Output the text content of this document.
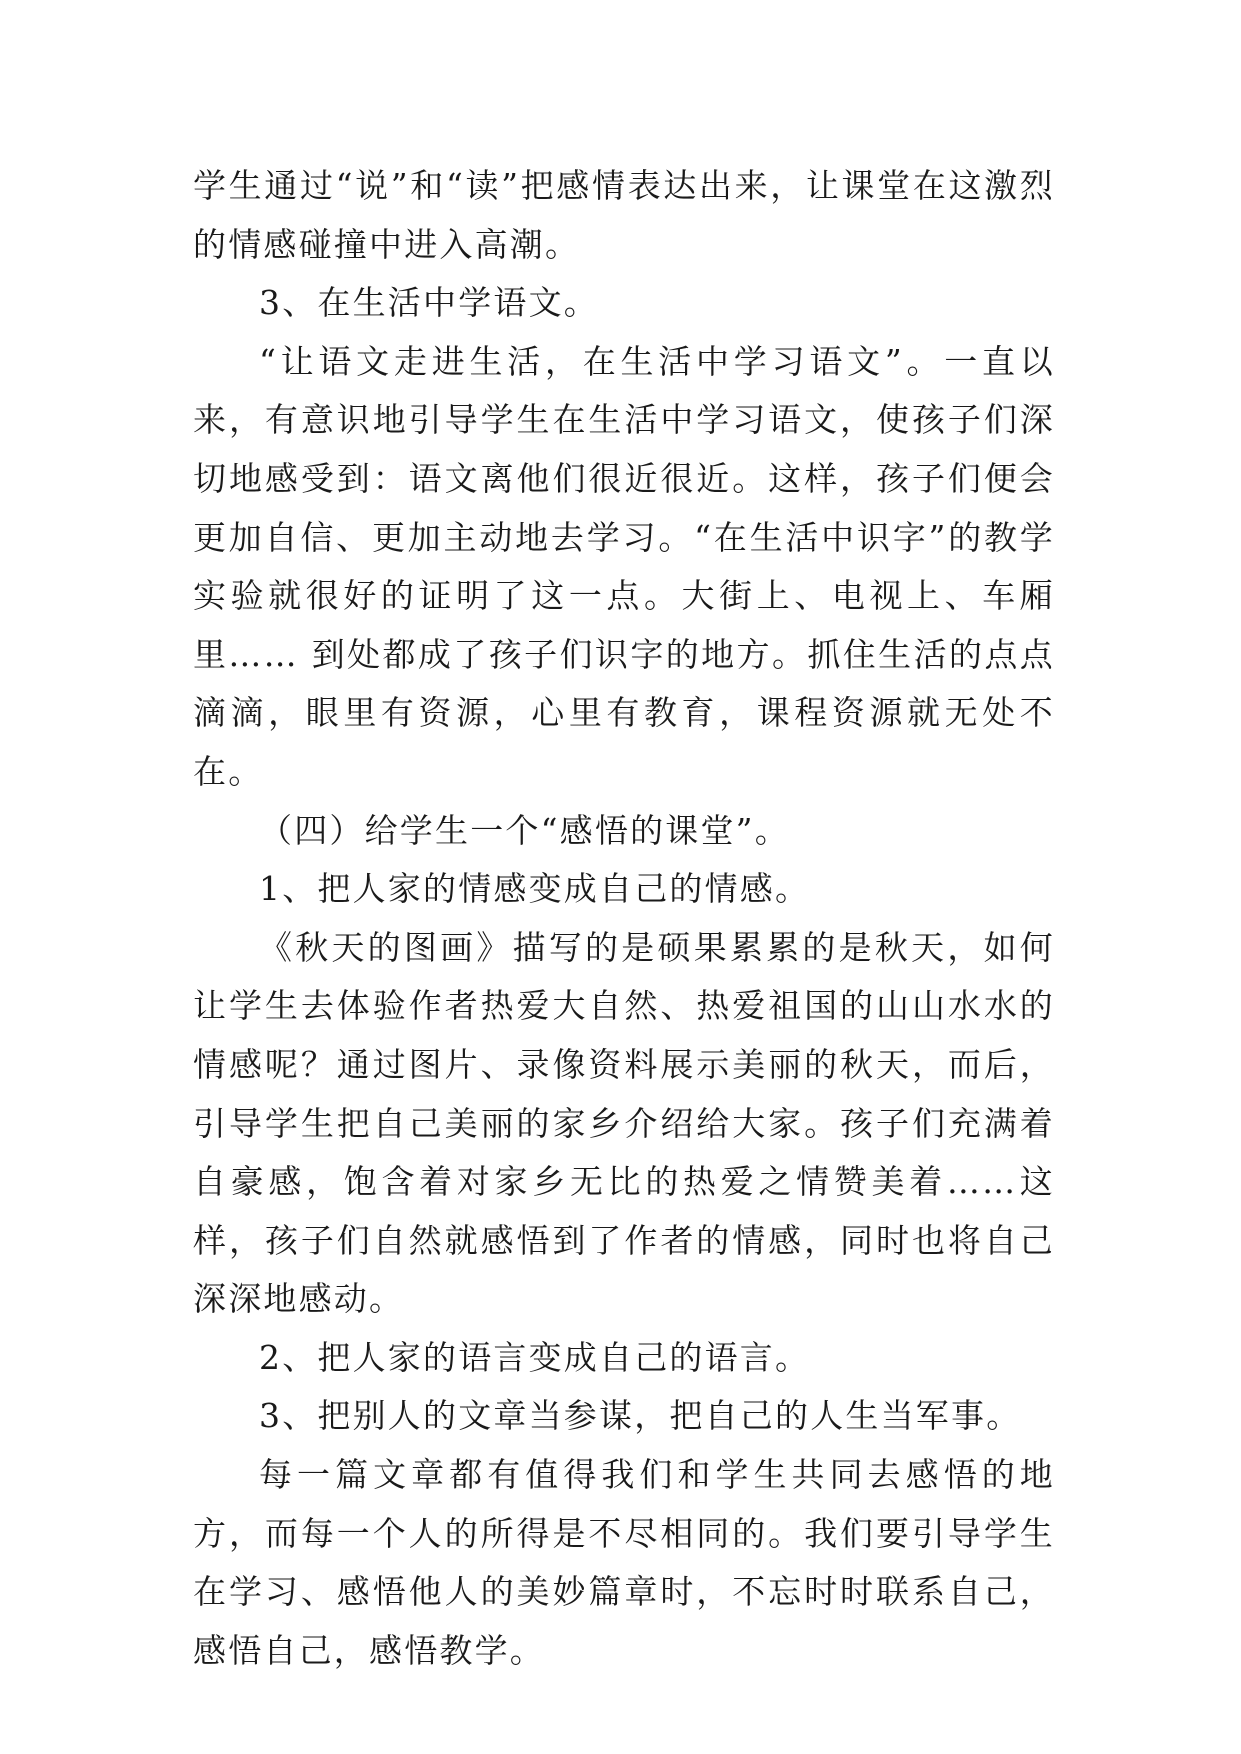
学生通过“说”和“读”把感情表达出来，让课堂在这激烈的情感碰撞中进入高潮。

3、在生活中学语文。

“让语文走进生活，在生活中学习语文”。一直以来，有意识地引导学生在生活中学习语文，使孩子们深切地感受到：语文离他们很近很近。这样，孩子们便会更加自信、更加主动地去学习。“在生活中识字”的教学实验就很好的证明了这一点。大街上、电视上、车厢里…… 到处都成了孩子们识字的地方。抓住生活的点点滴滴，眼里有资源，心里有教育，课程资源就无处不在。

（四）给学生一个“感悟的课堂”。

1、把人家的情感变成自己的情感。

《秋天的图画》描写的是硕果累累的是秋天，如何让学生去体验作者热爱大自然、热爱祖国的山山水水的情感呢？通过图片、录像资料展示美丽的秋天，而后，引导学生把自己美丽的家乡介绍给大家。孩子们充满着自豪感，饱含着对家乡无比的热爱之情赞美着……这样，孩子们自然就感悟到了作者的情感，同时也将自己深深地感动。

2、把人家的语言变成自己的语言。

3、把别人的文章当参谋，把自己的人生当军事。

每一篇文章都有值得我们和学生共同去感悟的地方，而每一个人的所得是不尽相同的。我们要引导学生在学习、感悟他人的美妙篇章时，不忘时时联系自己，感悟自己，感悟教学。
